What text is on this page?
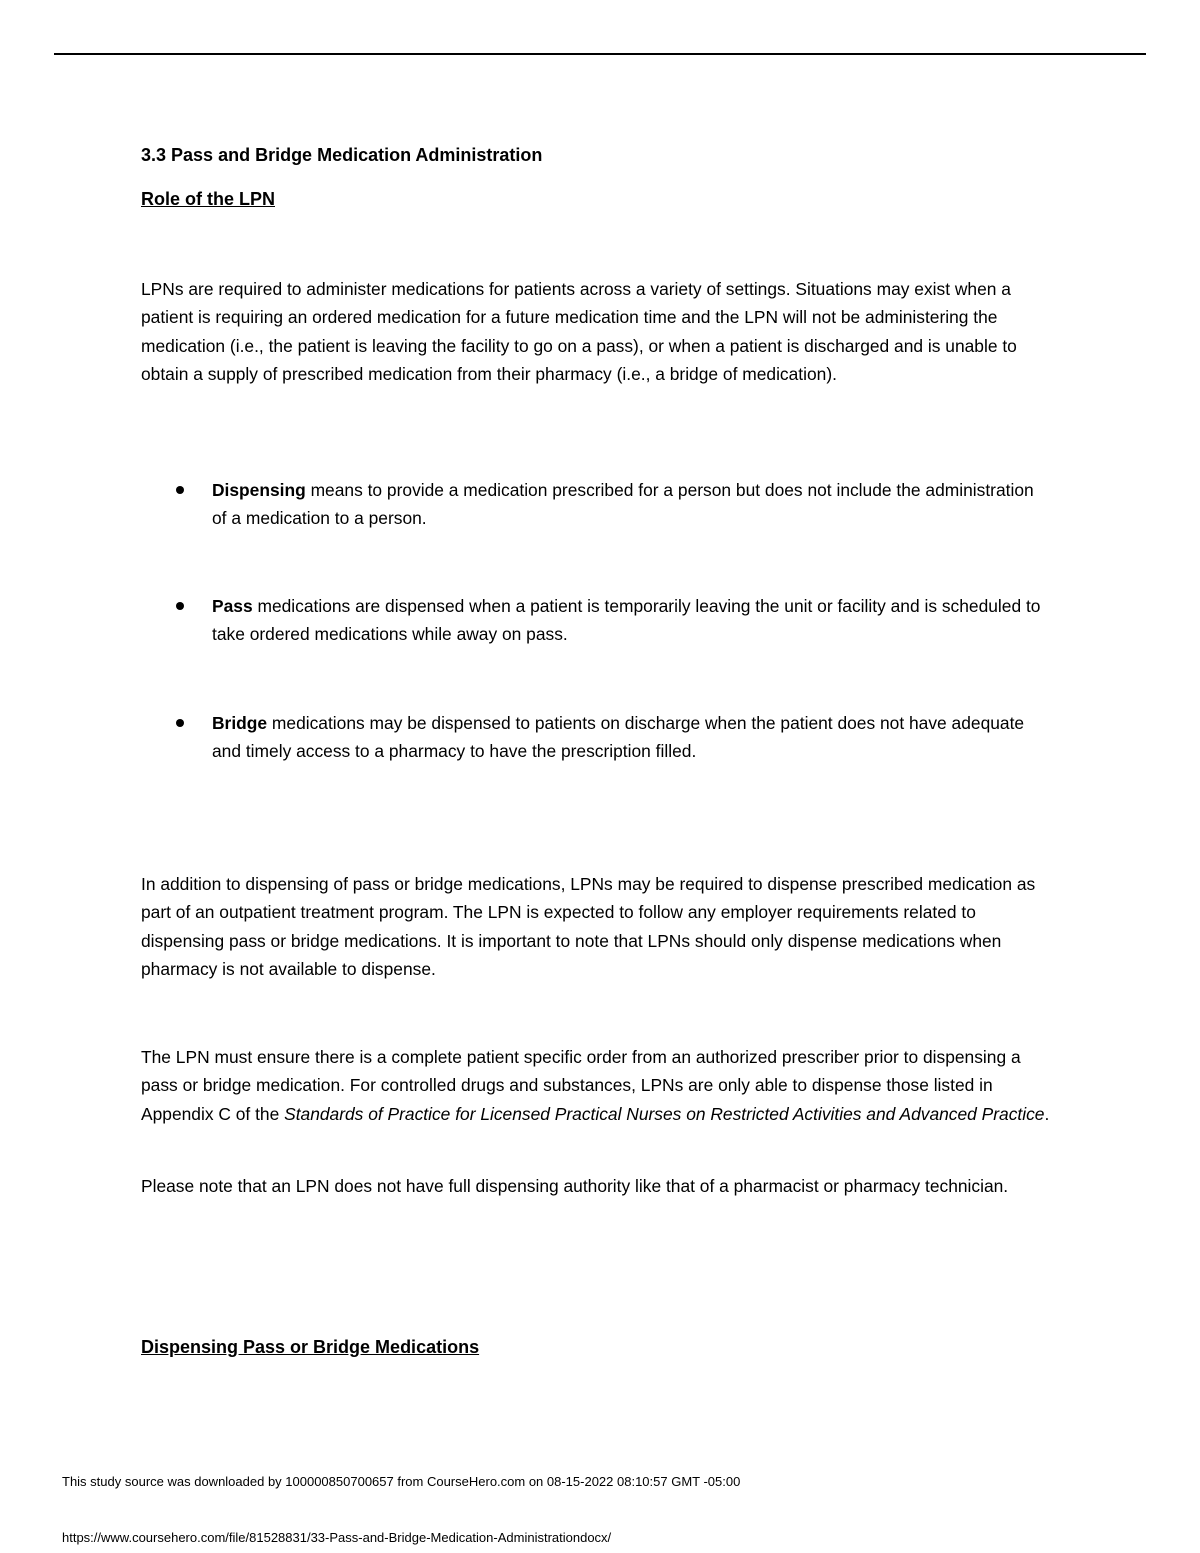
3.3 Pass and Bridge Medication Administration
Role of the LPN

LPNs are required to administer medications for patients across a variety of settings. Situations may exist when a patient is requiring an ordered medication for a future medication time and the LPN will not be administering the medication (i.e., the patient is leaving the facility to go on a pass), or when a patient is discharged and is unable to obtain a supply of prescribed medication from their pharmacy (i.e., a bridge of medication).

Dispensing means to provide a medication prescribed for a person but does not include the administration of a medication to a person.

Pass medications are dispensed when a patient is temporarily leaving the unit or facility and is scheduled to take ordered medications while away on pass.

Bridge medications may be dispensed to patients on discharge when the patient does not have adequate and timely access to a pharmacy to have the prescription filled.

In addition to dispensing of pass or bridge medications, LPNs may be required to dispense prescribed medication as part of an outpatient treatment program. The LPN is expected to follow any employer requirements related to dispensing pass or bridge medications. It is important to note that LPNs should only dispense medications when pharmacy is not available to dispense.

The LPN must ensure there is a complete patient specific order from an authorized prescriber prior to dispensing a pass or bridge medication. For controlled drugs and substances, LPNs are only able to dispense those listed in Appendix C of the Standards of Practice for Licensed Practical Nurses on Restricted Activities and Advanced Practice.

Please note that an LPN does not have full dispensing authority like that of a pharmacist or pharmacy technician.

Dispensing Pass or Bridge Medications

This study source was downloaded by 100000850700657 from CourseHero.com on 08-15-2022 08:10:57 GMT -05:00

https://www.coursehero.com/file/81528831/33-Pass-and-Bridge-Medication-Administrationdocx/
